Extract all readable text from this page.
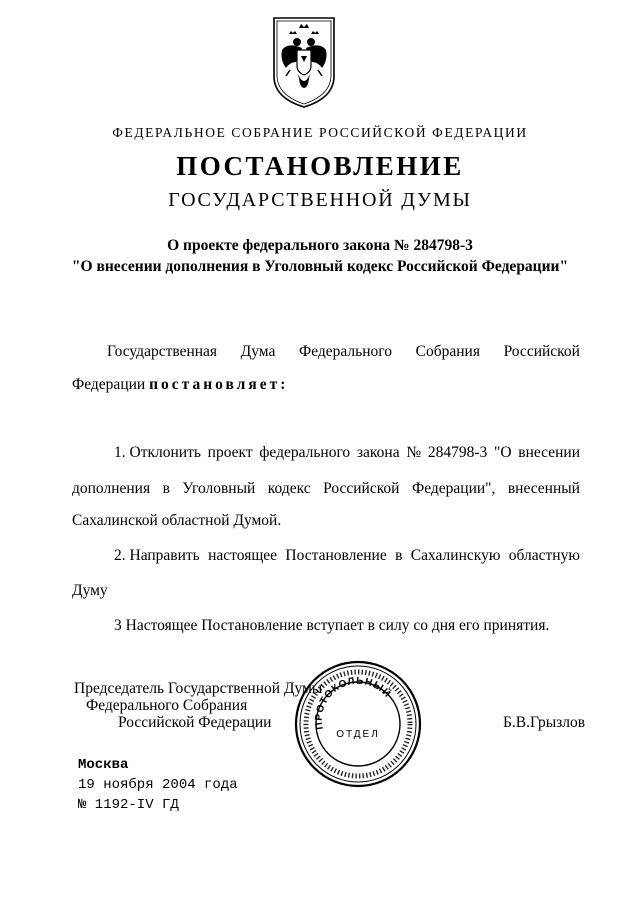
ФЕДЕРАЛЬНОЕ СОБРАНИЕ РОССИЙСКОЙ ФЕДЕРАЦИИ
ПОСТАНОВЛЕНИЕ
ГОСУДАРСТВЕННОЙ ДУМЫ
О проекте федерального закона № 284798-3
"О внесении дополнения в Уголовный кодекс Российской Федерации"
Государственная Дума Федерального Собрания Российской
Федерации постановляет:
1. Отклонить проект федерального закона № 284798-3 "О внесении
дополнения в Уголовный кодекс Российской Федерации", внесенный
Сахалинской областной Думой.
2. Направить настоящее Постановление в Сахалинскую областную
Думу
3 Настоящее Постановление вступает в силу со дня его принятия.
Председатель Государственной Думы
Федерального Собрания
Российской Федерации	Б.В.Грызлов
ПРОТОКОЛЬНЫЙ
ОТДЕЛ
Москва
19 ноября 2004 года
№ 1192-IV ГД
